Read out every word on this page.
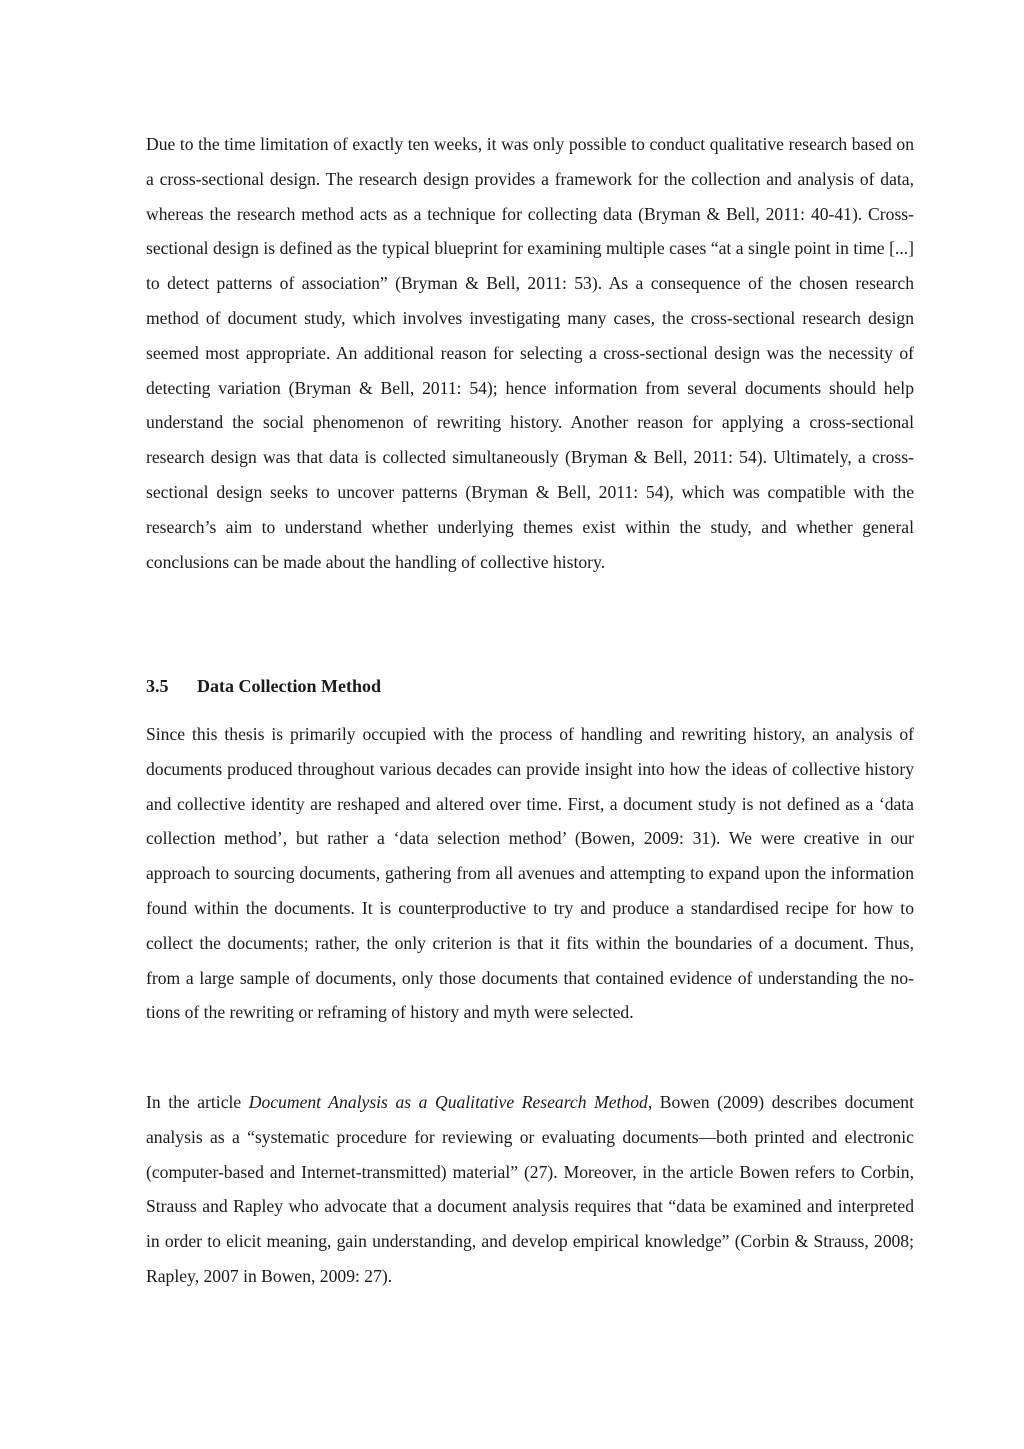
Due to the time limitation of exactly ten weeks, it was only possible to conduct qualitative research based on a cross-sectional design. The research design provides a framework for the collection and analysis of data, whereas the research method acts as a technique for collecting data (Bryman & Bell, 2011: 40-41). Cross-sectional design is defined as the typical blueprint for examining multiple cases “at a single point in time [...] to detect patterns of association” (Bryman & Bell, 2011: 53). As a consequence of the chosen research method of document study, which involves investigating many cases, the cross-sectional research design seemed most appropriate. An additional reason for selecting a cross-sectional design was the necessity of detecting variation (Bryman & Bell, 2011: 54); hence information from several documents should help understand the social phenomenon of rewriting history. Another reason for applying a cross-sectional research design was that data is collected simultaneously (Bryman & Bell, 2011: 54). Ultimately, a cross-sectional design seeks to uncover patterns (Bryman & Bell, 2011: 54), which was compatible with the research’s aim to understand whether underlying themes exist within the study, and whether general conclusions can be made about the handling of collective history.

3.5 Data Collection Method

Since this thesis is primarily occupied with the process of handling and rewriting history, an analysis of documents produced throughout various decades can provide insight into how the ideas of collective history and collective identity are reshaped and altered over time. First, a document study is not defined as a ‘data collection method’, but rather a ‘data selection method’ (Bowen, 2009: 31). We were creative in our approach to sourcing documents, gathering from all avenues and attempting to expand upon the information found within the documents. It is counterproductive to try and produce a standardised recipe for how to collect the documents; rather, the only criterion is that it fits within the boundaries of a document. Thus, from a large sample of documents, only those documents that contained evidence of understanding the notions of the rewriting or reframing of history and myth were selected.

In the article Document Analysis as a Qualitative Research Method, Bowen (2009) describes document analysis as a “systematic procedure for reviewing or evaluating documents—both printed and electronic (computer-based and Internet-transmitted) material” (27). Moreover, in the article Bowen refers to Corbin, Strauss and Rapley who advocate that a document analysis requires that “data be examined and interpreted in order to elicit meaning, gain understanding, and develop empirical knowledge” (Corbin & Strauss, 2008; Rapley, 2007 in Bowen, 2009: 27).
